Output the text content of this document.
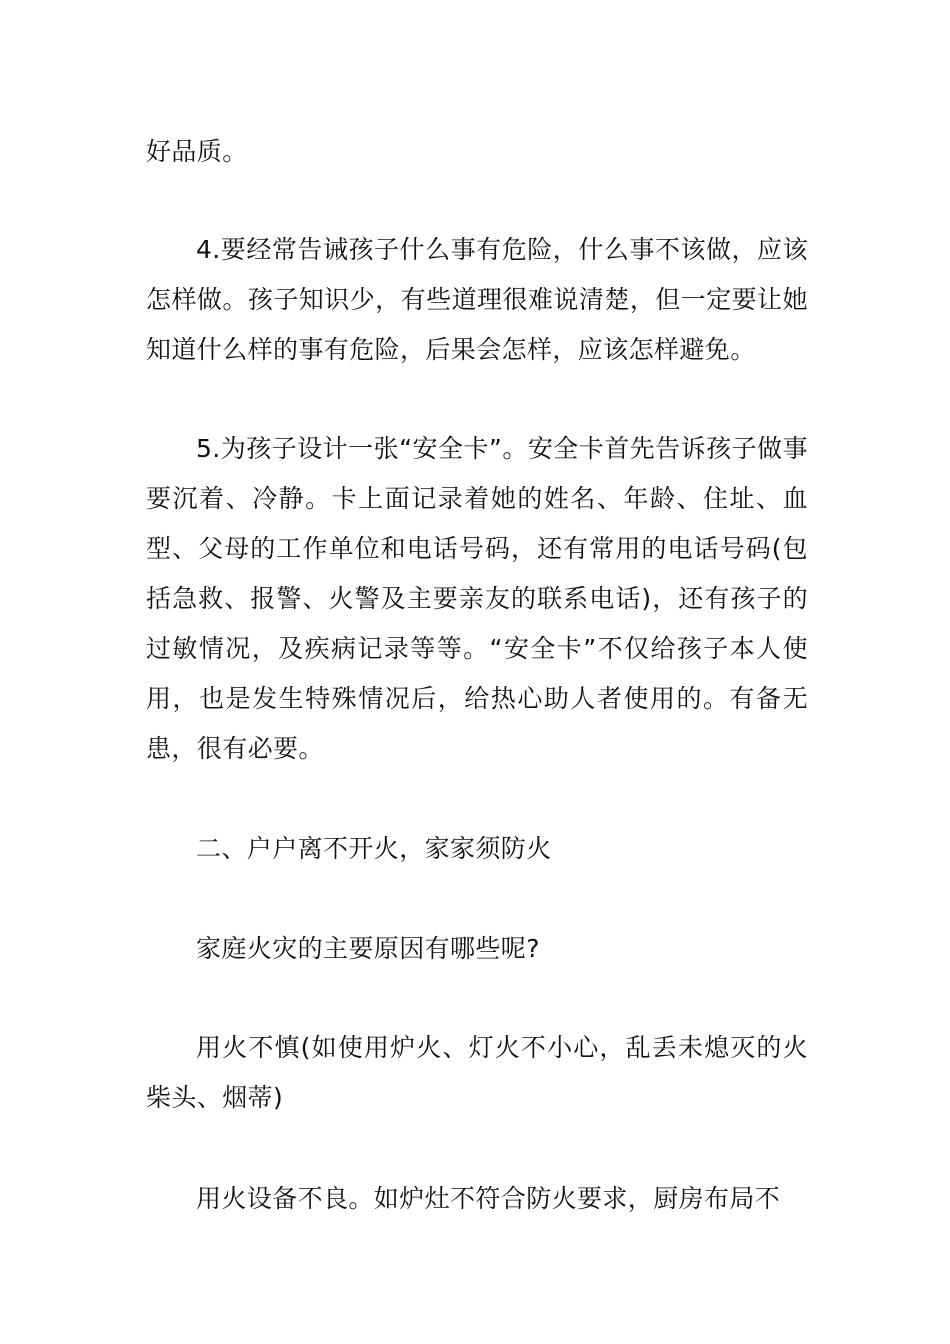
好品质。

4.要经常告诫孩子什么事有危险，什么事不该做，应该怎样做。孩子知识少，有些道理很难说清楚，但一定要让她知道什么样的事有危险，后果会怎样，应该怎样避免。

5.为孩子设计一张“安全卡”。安全卡首先告诉孩子做事要沉着、冷静。卡上面记录着她的姓名、年龄、住址、血型、父母的工作单位和电话号码，还有常用的电话号码(包括急救、报警、火警及主要亲友的联系电话)，还有孩子的过敏情况，及疾病记录等等。“安全卡”不仅给孩子本人使用，也是发生特殊情况后，给热心助人者使用的。有备无患，很有必要。

二、户户离不开火，家家须防火

家庭火灾的主要原因有哪些呢?

用火不慎(如使用炉火、灯火不小心，乱丢未熄灭的火柴头、烟蒂)

用火设备不良。如炉灶不符合防火要求，厨房布局不
